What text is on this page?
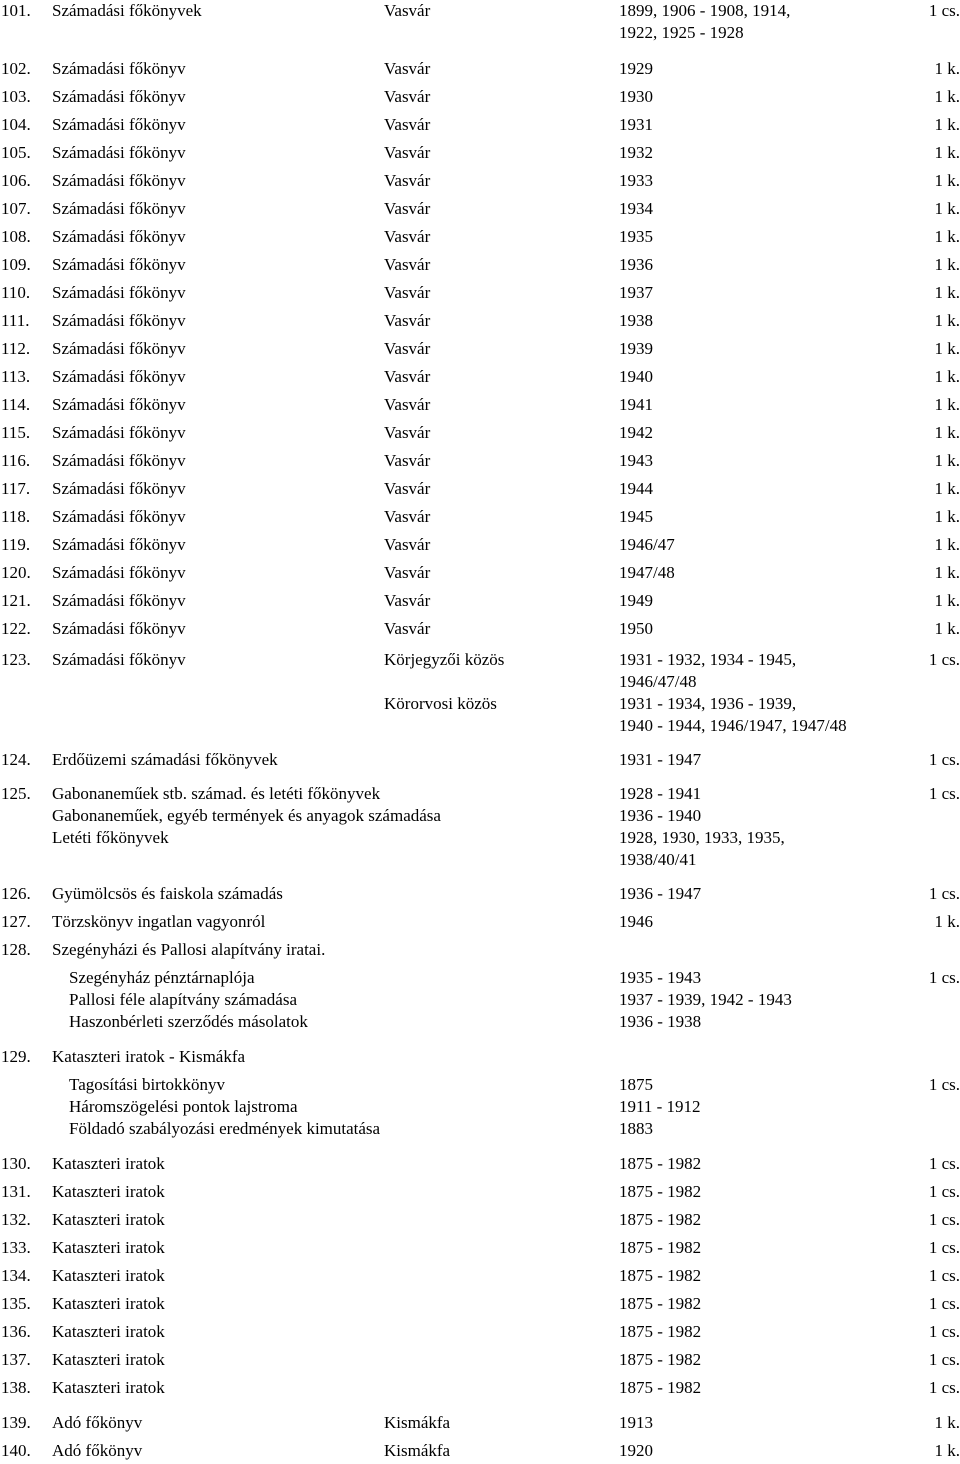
101. Számadási főkönyvek	Vasvár	1899, 1906 - 1908, 1914,	1 cs.
1922, 1925 - 1928
102. Számadási főkönyv	Vasvár	1929	1 k.
103. Számadási főkönyv	Vasvár	1930	1 k.
104. Számadási főkönyv	Vasvár	1931	1 k.
105. Számadási főkönyv	Vasvár	1932	1 k.
106. Számadási főkönyv	Vasvár	1933	1 k.
107. Számadási főkönyv	Vasvár	1934	1 k.
108. Számadási főkönyv	Vasvár	1935	1 k.
109. Számadási főkönyv	Vasvár	1936	1 k.
110. Számadási főkönyv	Vasvár	1937	1 k.
111. Számadási főkönyv	Vasvár	1938	1 k.
112. Számadási főkönyv	Vasvár	1939	1 k.
113. Számadási főkönyv	Vasvár	1940	1 k.
114. Számadási főkönyv	Vasvár	1941	1 k.
115. Számadási főkönyv	Vasvár	1942	1 k.
116. Számadási főkönyv	Vasvár	1943	1 k.
117. Számadási főkönyv	Vasvár	1944	1 k.
118. Számadási főkönyv	Vasvár	1945	1 k.
119. Számadási főkönyv	Vasvár	1946/47	1 k.
120. Számadási főkönyv	Vasvár	1947/48	1 k.
121. Számadási főkönyv	Vasvár	1949	1 k.
122. Számadási főkönyv	Vasvár	1950	1 k.
123. Számadási főkönyv	Körjegyzői közös	1931 - 1932, 1934 - 1945,	1 cs.
1946/47/48
Körorvosi közös	1931 - 1934, 1936 - 1939,
1940 - 1944, 1946/1947, 1947/48
124. Erdőüzemi számadási főkönyvek	1931 - 1947	1 cs.
125. Gabonaneműek stb. számad. és letéti főkönyvek	1928 - 1941	1 cs.
Gabonaneműek, egyéb termények és anyagok számadása	1936 - 1940
Letéti főkönyvek	1928, 1930, 1933, 1935,
1938/40/41
126. Gyümölcsös és faiskola számadás	1936 - 1947	1 cs.
127. Törzskönyv ingatlan vagyonról	1946	1 k.
128. Szegényházi és Pallosi alapítvány iratai.
Szegényház pénztárnaplója	1935 - 1943	1 cs.
Pallosi féle alapítvány számadása	1937 - 1939, 1942 - 1943
Haszonbérleti szerződés másolatok	1936 - 1938
129. Kataszteri iratok - Kismákfa
Tagosítási birtokkönyv	1875	1 cs.
Háromszögelési pontok lajstroma	1911 - 1912
Földadó szabályozási eredmények kimutatása	1883
130. Kataszteri iratok	1875 - 1982	1 cs.
131. Kataszteri iratok	1875 - 1982	1 cs.
132. Kataszteri iratok	1875 - 1982	1 cs.
133. Kataszteri iratok	1875 - 1982	1 cs.
134. Kataszteri iratok	1875 - 1982	1 cs.
135. Kataszteri iratok	1875 - 1982	1 cs.
136. Kataszteri iratok	1875 - 1982	1 cs.
137. Kataszteri iratok	1875 - 1982	1 cs.
138. Kataszteri iratok	1875 - 1982	1 cs.
139. Adó főkönyv	Kismákfa	1913	1 k.
140. Adó főkönyv	Kismákfa	1920	1 k.
